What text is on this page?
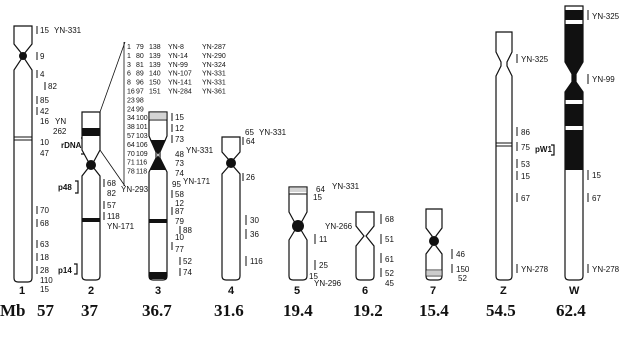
1
15 YN-331
9
4
82
85
42
16 YN
262
10
47
rDNA
70
68
63
18
28 p14
110
15	2
p48	68
82
57
YN-293
118
YN-171
1 79 138 YN-8	YN-287
1 80 139 YN-14 YN-290
3 81 139 YN-99 YN-324
6 89 140 YN-107 YN-331
8 96 150 YN-141 YN-331
16 97 151 YN-284 YN-361
23 98
24 99
34 100
38 101
57 103
64 106
70 109
71 116
78 118
3
15
12
73
48 YN-331
73
74
YN-171
95
58
12
87
79
88
10
77
52
74
4
65 YN-331
64
26
30
36
116
5
64 YN-331
15
YN-266
11
25
15
YN-296
6
68
51
61
52
45
7
46
150
52
Z
YN-325
86
75 pW1
53
15
67
YN-278
W
YN-325
YN-99
15
67
YN-278
Mb 57 37	36.7 31.6 19.4 19.2 15.4 54.5 62.4
